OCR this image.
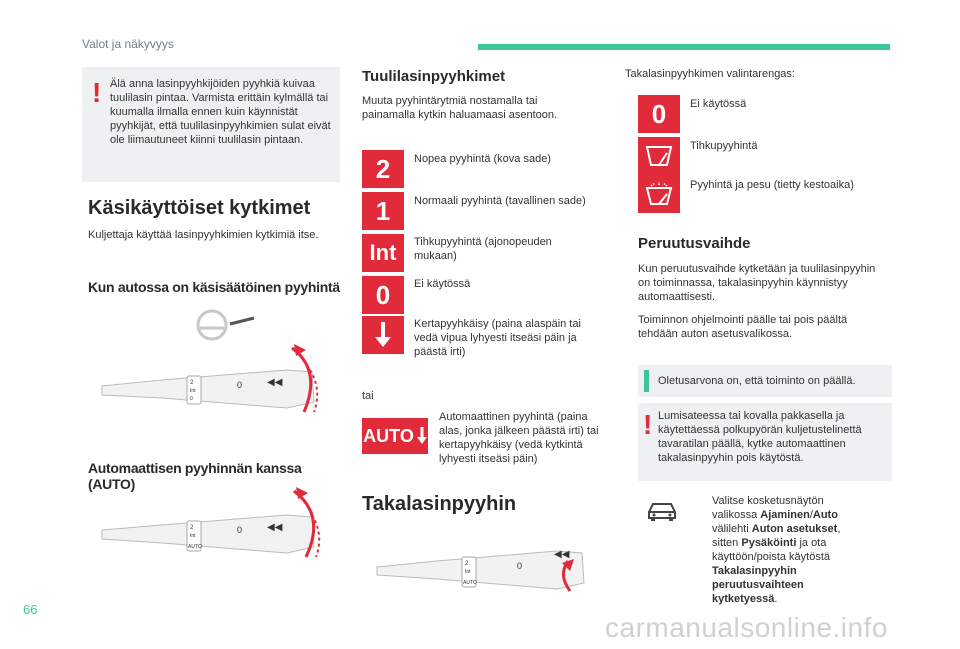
Valot ja näkyvyys
! Älä anna lasinpyyhkijöiden pyyhkiä kuivaa tuulilasin pintaa. Varmista erittäin kylmällä tai kuumalla ilmalla ennen kuin käynnistät pyyhkijät, että tuulilasinpyyhkimien sulat eivät ole liimautuneet kiinni tuulilasin pintaan.
Käsikäyttöiset kytkimet
Kuljettaja käyttää lasinpyyhkimien kytkimiä itse.
Kun autossa on käsisäätöinen pyyhintä
2
Int
0
0 ◀◀
Automaattisen pyyhinnän kanssa (AUTO)
2
Int
AUTO
0 ◀◀
Tuulilasinpyyhkimet
Muuta pyyhintärytmiä nostamalla tai painamalla kytkin haluamaasi asentoon.
2 Nopea pyyhintä (kova sade)
1 Normaali pyyhintä (tavallinen sade)
Int Tihkupyyhintä (ajonopeuden mukaan)
0 Ei käytössä
Kertapyyhkäisy (paina alaspäin tai vedä vipua lyhyesti itseäsi päin ja päästä irti)
tai
AUTO
Automaattinen pyyhintä (paina alas, jonka jälkeen päästä irti) tai kertapyyhkäisy (vedä kytkintä lyhyesti itseäsi päin)
Takalasinpyyhin
2
Int
AUTO
0
◀◀
Takalasinpyyhkimen valintarengas:
0 Ei käytössä
Tihkupyyhintä
Pyyhintä ja pesu (tietty kestoaika)
Peruutusvaihde
Kun peruutusvaihde kytketään ja tuulilasinpyyhin on toiminnassa, takalasinpyyhin käynnistyy automaattisesti.
Toiminnon ohjelmointi päälle tai pois päältä tehdään auton asetusvalikossa.
Oletusarvona on, että toiminto on päällä.
! Lumisateessa tai kovalla pakkasella ja käytettäessä polkupyörän kuljetustelinettä tavaratilan päällä, kytke automaattinen takalasinpyyhin pois käytöstä.
Valitse kosketusnäytön valikossa Ajaminen/Auto välilehti Auton asetukset, sitten Pysäköinti ja ota käyttöön/poista käytöstä Takalasinpyyhin peruutusvaihteen kytketyessä.
66
carmanualsonline.info
